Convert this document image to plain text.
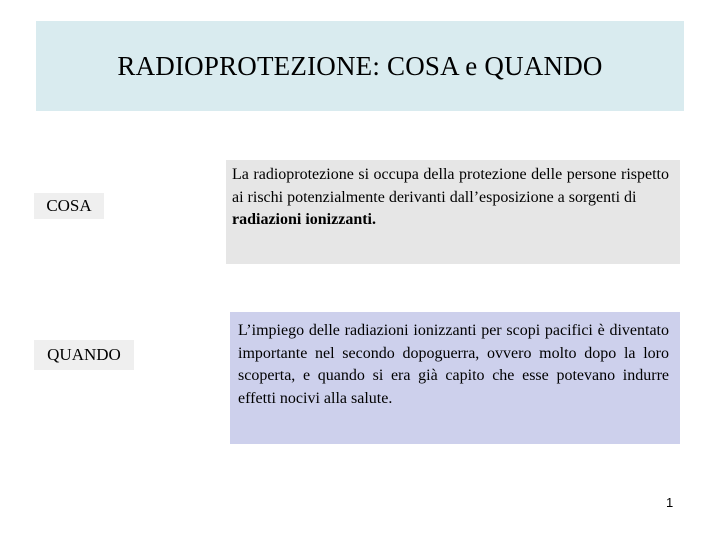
RADIOPROTEZIONE: COSA e QUANDO
COSA
La radioprotezione si occupa della protezione delle persone rispetto ai rischi potenzialmente derivanti dall’esposizione a sorgenti di
radiazioni ionizzanti.
QUANDO
L’impiego delle radiazioni ionizzanti per scopi pacifici è diventato importante nel secondo dopoguerra, ovvero molto dopo la loro scoperta, e quando si era già capito che esse potevano indurre effetti nocivi alla salute.
1
